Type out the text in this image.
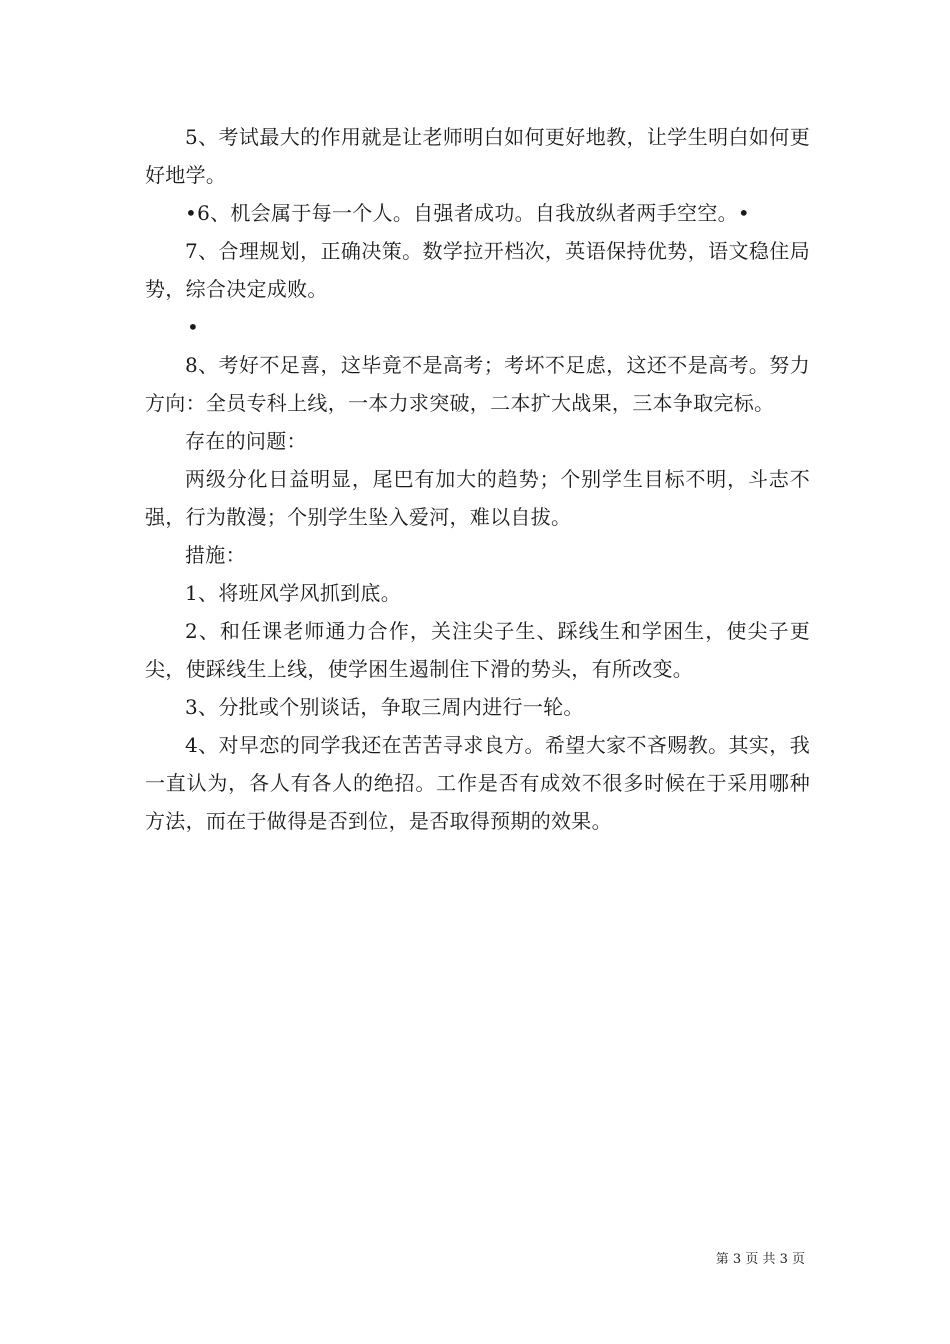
5、考试最大的作用就是让老师明白如何更好地教，让学生明白如何更好地学。

•6、机会属于每一个人。自强者成功。自我放纵者两手空空。•

7、合理规划，正确决策。数学拉开档次，英语保持优势，语文稳住局势，综合决定成败。

•

8、考好不足喜，这毕竟不是高考；考坏不足虑，这还不是高考。努力方向：全员专科上线，一本力求突破，二本扩大战果，三本争取完标。

存在的问题：

两级分化日益明显，尾巴有加大的趋势；个别学生目标不明，斗志不强，行为散漫；个别学生坠入爱河，难以自拔。

措施：

1、将班风学风抓到底。

2、和任课老师通力合作，关注尖子生、踩线生和学困生，使尖子更尖，使踩线生上线，使学困生遏制住下滑的势头，有所改变。

3、分批或个别谈话，争取三周内进行一轮。

4、对早恋的同学我还在苦苦寻求良方。希望大家不吝赐教。其实，我一直认为，各人有各人的绝招。工作是否有成效不很多时候在于采用哪种方法，而在于做得是否到位，是否取得预期的效果。

第 3 页 共 3 页
